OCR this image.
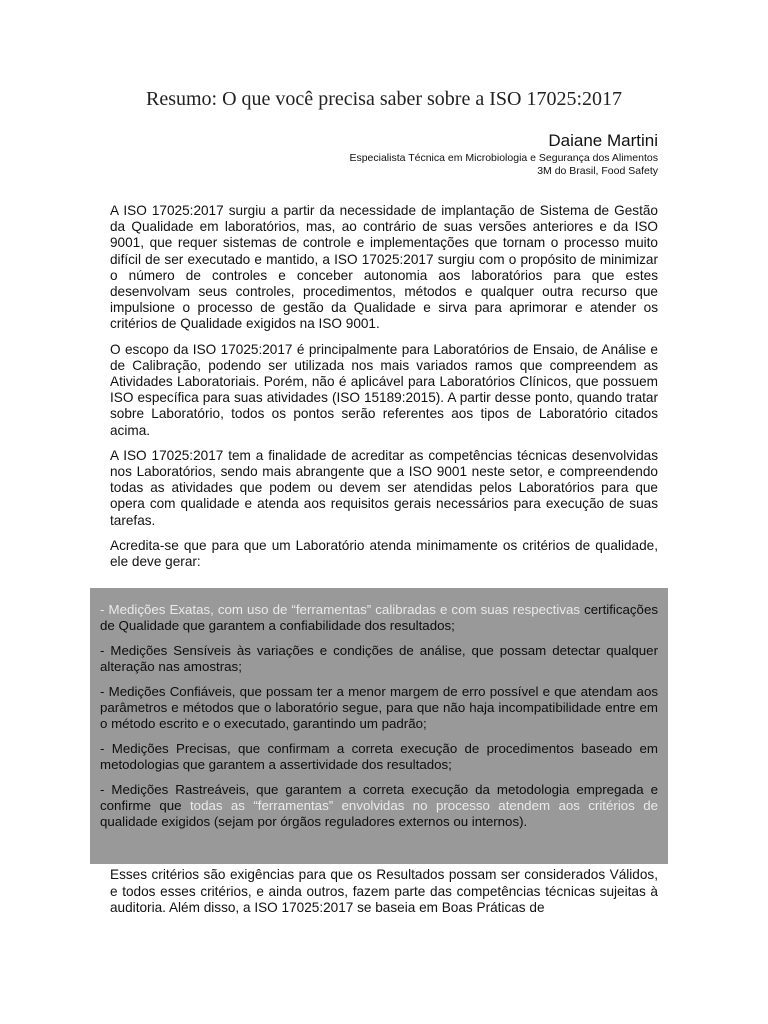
Resumo: O que você precisa saber sobre a ISO 17025:2017
Daiane Martini
Especialista Técnica em Microbiologia e Segurança dos Alimentos
3M do Brasil, Food Safety

A ISO 17025:2017 surgiu a partir da necessidade de implantação de Sistema de Gestão da Qualidade em laboratórios, mas, ao contrário de suas versões anteriores e da ISO 9001, que requer sistemas de controle e implementações que tornam o processo muito difícil de ser executado e mantido, a ISO 17025:2017 surgiu com o propósito de minimizar o número de controles e conceber autonomia aos laboratórios para que estes desenvolvam seus controles, procedimentos, métodos e qualquer outra recurso que impulsione o processo de gestão da Qualidade e sirva para aprimorar e atender os critérios de Qualidade exigidos na ISO 9001.

O escopo da ISO 17025:2017 é principalmente para Laboratórios de Ensaio, de Análise e de Calibração, podendo ser utilizada nos mais variados ramos que compreendem as Atividades Laboratoriais. Porém, não é aplicável para Laboratórios Clínicos, que possuem ISO específica para suas atividades (ISO 15189:2015). A partir desse ponto, quando tratar sobre Laboratório, todos os pontos serão referentes aos tipos de Laboratório citados acima.

A ISO 17025:2017 tem a finalidade de acreditar as competências técnicas desenvolvidas nos Laboratórios, sendo mais abrangente que a ISO 9001 neste setor, e compreendendo todas as atividades que podem ou devem ser atendidas pelos Laboratórios para que opera com qualidade e atenda aos requisitos gerais necessários para execução de suas tarefas.

Acredita-se que para que um Laboratório atenda minimamente os critérios de qualidade, ele deve gerar:

- Medições Exatas, com uso de “ferramentas” calibradas e com suas respectivas certificações de Qualidade que garantem a confiabilidade dos resultados;

- Medições Sensíveis às variações e condições de análise, que possam detectar qualquer alteração nas amostras;

- Medições Confiáveis, que possam ter a menor margem de erro possível e que atendam aos parâmetros e métodos que o laboratório segue, para que não haja incompatibilidade entre em o método escrito e o executado, garantindo um padrão;

- Medições Precisas, que confirmam a correta execução de procedimentos baseado em metodologias que garantem a assertividade dos resultados;

- Medições Rastreáveis, que garantem a correta execução da metodologia empregada e confirme que todas as “ferramentas” envolvidas no processo atendem aos critérios de qualidade exigidos (sejam por órgãos reguladores externos ou internos).

Esses critérios são exigências para que os Resultados possam ser considerados Válidos, e todos esses critérios, e ainda outros, fazem parte das competências técnicas sujeitas à auditoria. Além disso, a ISO 17025:2017 se baseia em Boas Práticas de
